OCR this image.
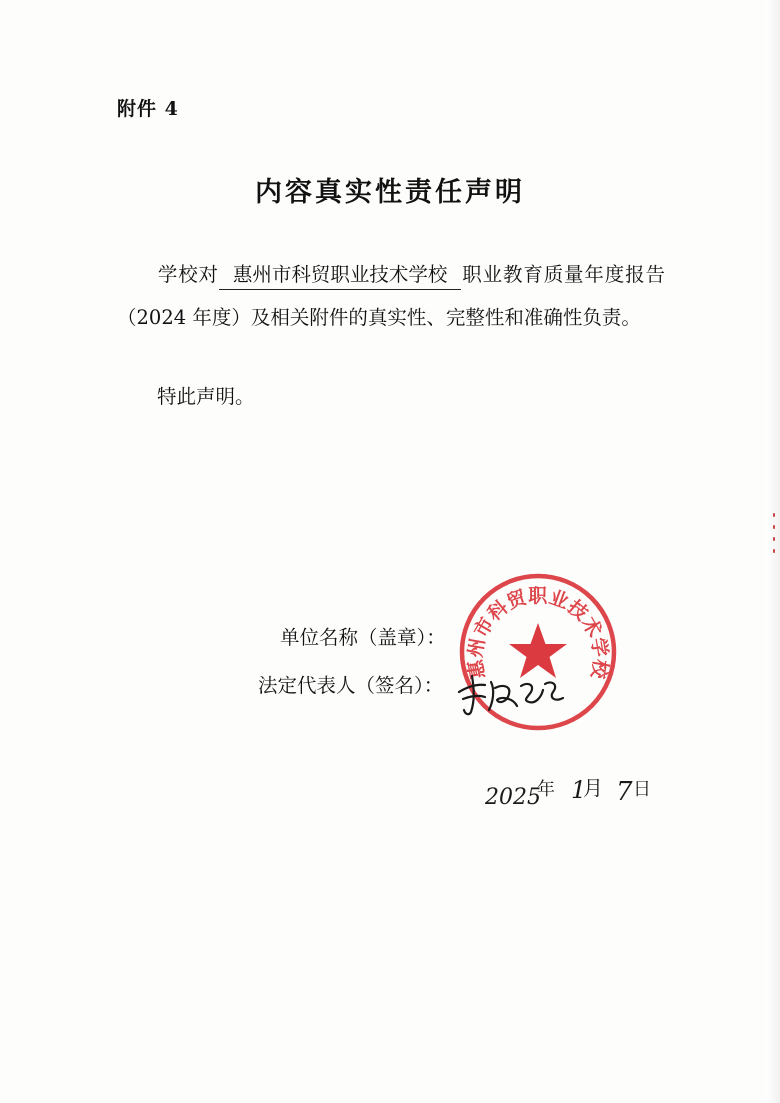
附件 4
内容真实性责任声明
学校对 惠州市科贸职业技术学校 职业教育质量年度报告（2024 年度）及相关附件的真实性、完整性和准确性负责。
特此声明。
单位名称（盖章）：
法定代表人（签名）：
惠州市科贸职业技术学校
2025
年 1
月 7 日
